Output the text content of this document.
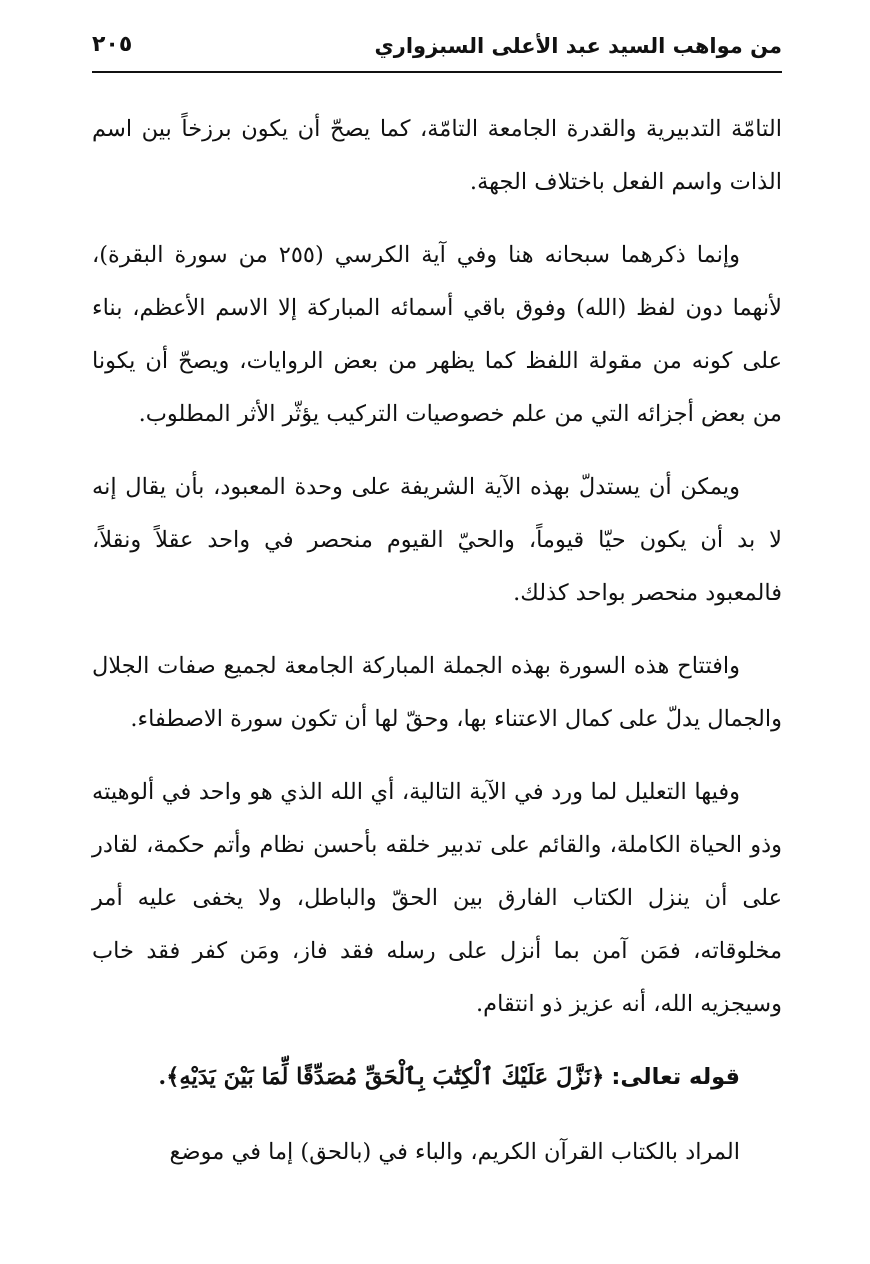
من مواهب السيد عبد الأعلى السبزواري
٢٠٥

التامّة التدبيرية والقدرة الجامعة التامّة، كما يصحّ أن يكون برزخاً بين اسم الذات واسم الفعل باختلاف الجهة.

وإنما ذكرهما سبحانه هنا وفي آية الكرسي (٢٥٥ من سورة البقرة)، لأنهما دون لفظ (الله) وفوق باقي أسمائه المباركة إلا الاسم الأعظم، بناء على كونه من مقولة اللفظ كما يظهر من بعض الروايات، ويصحّ أن يكونا من بعض أجزائه التي من علم خصوصيات التركيب يؤثّر الأثر المطلوب.

ويمكن أن يستدلّ بهذه الآية الشريفة على وحدة المعبود، بأن يقال إنه لا بد أن يكون حيّا قيوماً، والحيّ القيوم منحصر في واحد عقلاً ونقلاً، فالمعبود منحصر بواحد كذلك.

وافتتاح هذه السورة بهذه الجملة المباركة الجامعة لجميع صفات الجلال والجمال يدلّ على كمال الاعتناء بها، وحقّ لها أن تكون سورة الاصطفاء.

وفيها التعليل لما ورد في الآية التالية، أي الله الذي هو واحد في ألوهيته وذو الحياة الكاملة، والقائم على تدبير خلقه بأحسن نظام وأتم حكمة، لقادر على أن ينزل الكتاب الفارق بين الحقّ والباطل، ولا يخفى عليه أمر مخلوقاته، فمَن آمن بما أنزل على رسله فقد فاز، ومَن كفر فقد خاب وسيجزيه الله، أنه عزيز ذو انتقام.

قوله تعالى: ﴿نَزَّلَ عَلَيْكَ ٱلْكِتَٰبَ بِٱلْحَقِّ مُصَدِّقًا لِّمَا بَيْنَ يَدَيْهِ﴾.

المراد بالكتاب القرآن الكريم، والباء في (بالحق) إما في موضع
